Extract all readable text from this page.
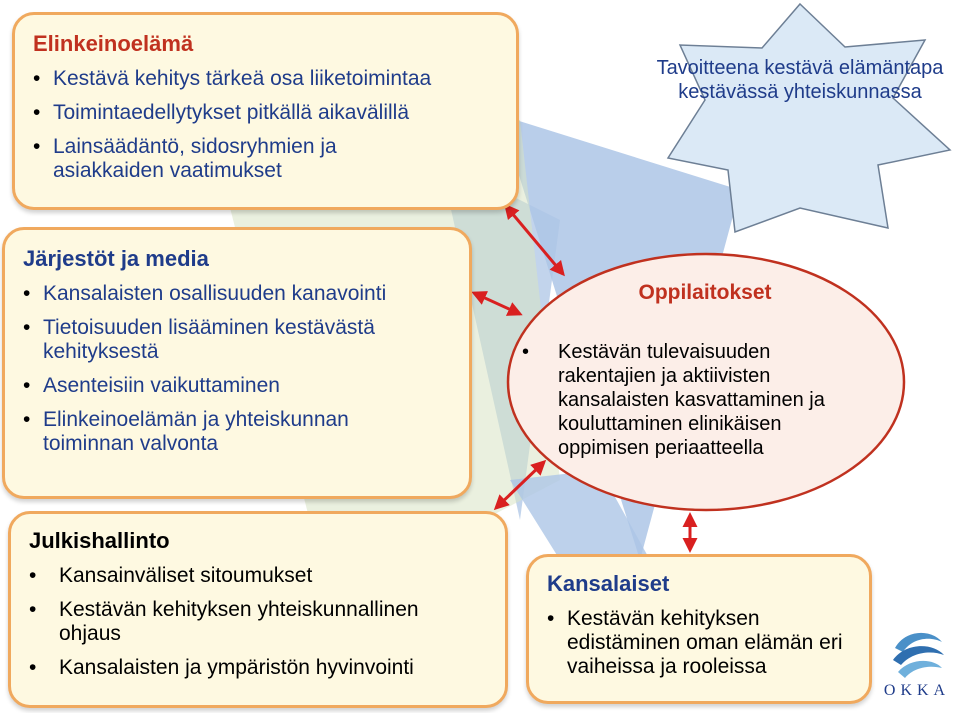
Elinkeinoelämä
• Kestävä kehitys tärkeä osa liiketoimintaa
• Toimintaedellytykset pitkällä aikavälillä
• Lainsäädäntö, sidosryhmien ja asiakkaiden vaatimukset
Tavoitteena kestävä elämäntapa kestävässä yhteiskunnassa
Järjestöt ja media
• Kansalaisten osallisuuden kanavointi
• Tietoisuuden lisääminen kestävästä kehityksestä
• Asenteisiin vaikuttaminen
• Elinkeinoelämän ja yhteiskunnan toiminnan valvonta
Oppilaitokset
• Kestävän tulevaisuuden rakentajien ja aktiivisten kansalaisten kasvattaminen ja kouluttaminen elinikäisen oppimisen periaatteella
Julkishallinto
• Kansainväliset sitoumukset
• Kestävän kehityksen yhteiskunnallinen ohjaus
• Kansalaisten ja ympäristön hyvinvointi
Kansalaiset
• Kestävän kehityksen edistäminen oman elämän eri vaiheissa ja rooleissa
OKKA
